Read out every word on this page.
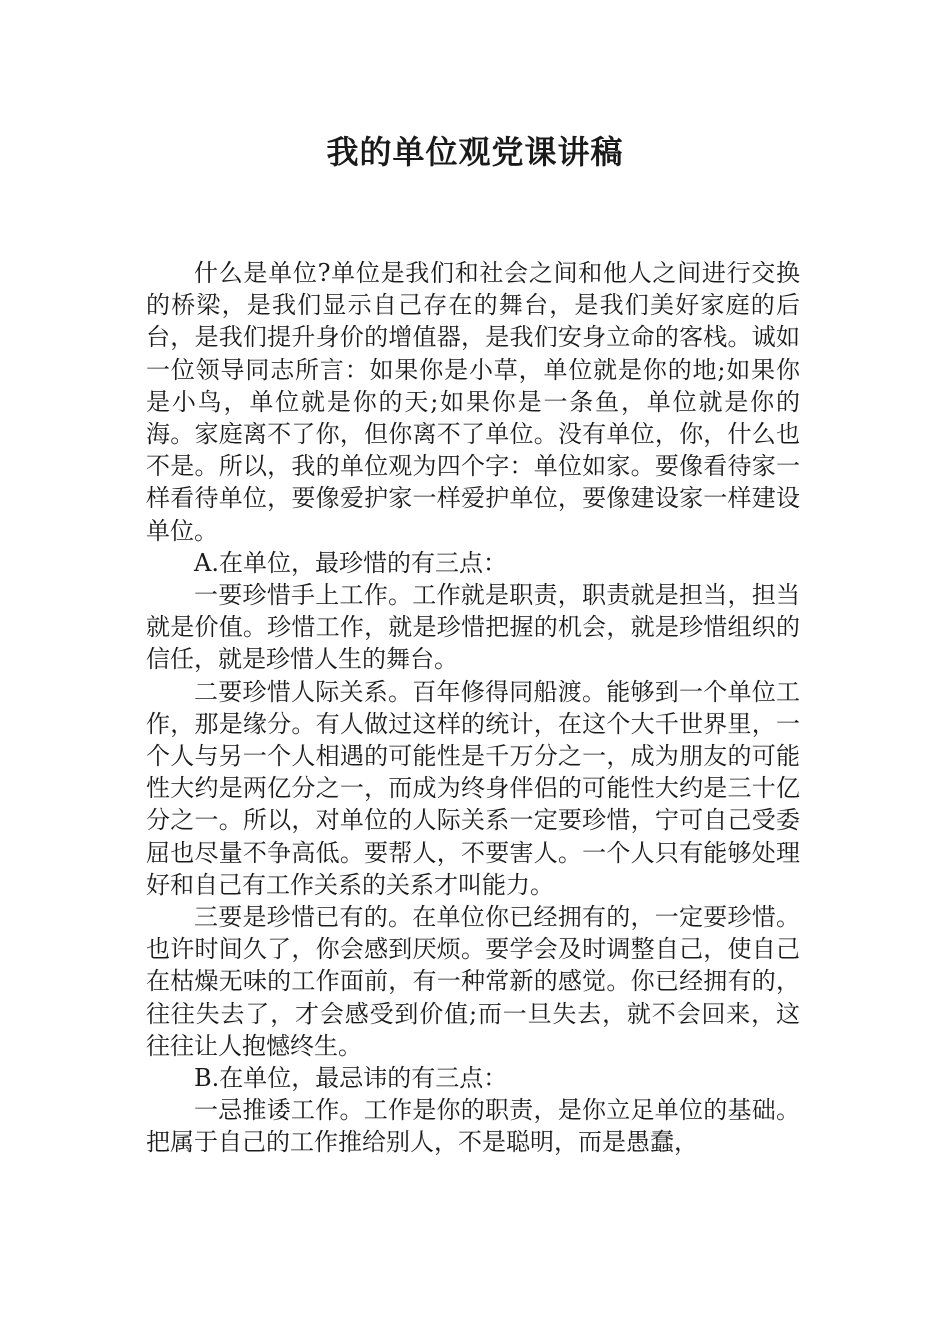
我的单位观党课讲稿

什么是单位?单位是我们和社会之间和他人之间进行交换的桥梁，是我们显示自己存在的舞台，是我们美好家庭的后台，是我们提升身价的增值器，是我们安身立命的客栈。诚如一位领导同志所言：如果你是小草，单位就是你的地;如果你是小鸟，单位就是你的天;如果你是一条鱼，单位就是你的海。家庭离不了你，但你离不了单位。没有单位，你，什么也不是。所以，我的单位观为四个字：单位如家。要像看待家一样看待单位，要像爱护家一样爱护单位，要像建设家一样建设单位。

A.在单位，最珍惜的有三点：

一要珍惜手上工作。工作就是职责，职责就是担当，担当就是价值。珍惜工作，就是珍惜把握的机会，就是珍惜组织的信任，就是珍惜人生的舞台。

二要珍惜人际关系。百年修得同船渡。能够到一个单位工作，那是缘分。有人做过这样的统计，在这个大千世界里，一个人与另一个人相遇的可能性是千万分之一，成为朋友的可能性大约是两亿分之一，而成为终身伴侣的可能性大约是三十亿分之一。所以，对单位的人际关系一定要珍惜，宁可自己受委屈也尽量不争高低。要帮人，不要害人。一个人只有能够处理好和自己有工作关系的关系才叫能力。

三要是珍惜已有的。在单位你已经拥有的，一定要珍惜。也许时间久了，你会感到厌烦。要学会及时调整自己，使自己在枯燥无味的工作面前，有一种常新的感觉。你已经拥有的，往往失去了，才会感受到价值;而一旦失去，就不会回来，这往往让人抱憾终生。

B.在单位，最忌讳的有三点：

一忌推诿工作。工作是你的职责，是你立足单位的基础。把属于自己的工作推给别人，不是聪明，而是愚蠢，
